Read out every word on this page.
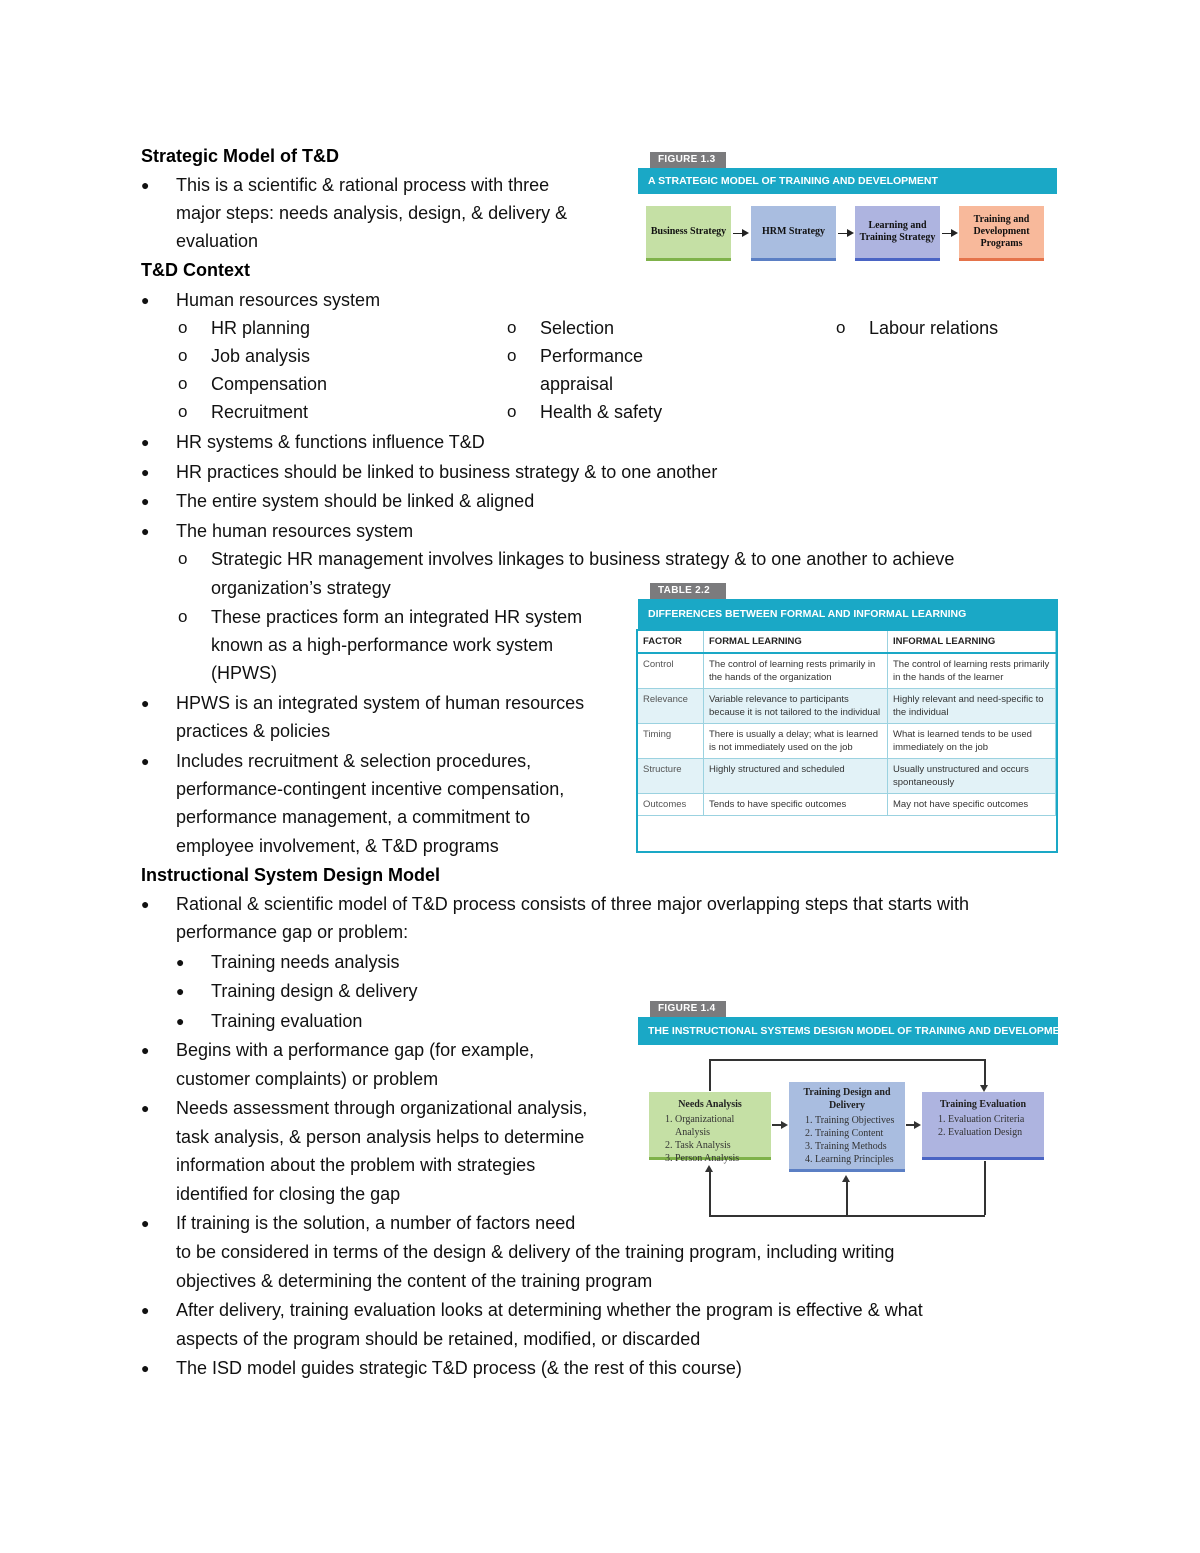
Strategic Model of T&D
● This is a scientific & rational process with three
major steps: needs analysis, design, & delivery &
evaluation
T&D Context
● Human resources system
o HR planning
o Job analysis
o Compensation
o Recruitment
o Selection
o Performance
appraisal
o Health & safety
o Labour relations
● HR systems & functions influence T&D
● HR practices should be linked to business strategy & to one another
● The entire system should be linked & aligned
● The human resources system
o Strategic HR management involves linkages to business strategy & to one another to achieve
organization’s strategy
o These practices form an integrated HR system
known as a high-performance work system
(HPWS)
● HPWS is an integrated system of human resources
practices & policies
● Includes recruitment & selection procedures,
performance-contingent incentive compensation,
performance management, a commitment to
employee involvement, & T&D programs
Instructional System Design Model
● Rational & scientific model of T&D process consists of three major overlapping steps that starts with
performance gap or problem:
● Training needs analysis
● Training design & delivery
● Training evaluation
● Begins with a performance gap (for example,
customer complaints) or problem
● Needs assessment through organizational analysis,
task analysis, & person analysis helps to determine
information about the problem with strategies
identified for closing the gap
● If training is the solution, a number of factors need
to be considered in terms of the design & delivery of the training program, including writing
objectives & determining the content of the training program
● After delivery, training evaluation looks at determining whether the program is effective & what
aspects of the program should be retained, modified, or discarded
● The ISD model guides strategic T&D process (& the rest of this course)
FIGURE 1.3
A STRATEGIC MODEL OF TRAINING AND DEVELOPMENT
Business Strategy	HRM Strategy
Learning and Training Strategy
Training and Development Programs
TABLE 2.2
DIFFERENCES BETWEEN FORMAL AND INFORMAL LEARNING
FACTOR	FORMAL LEARNING	INFORMAL LEARNING
Control	The control of learning rests primarily in the hands of the organization	The control of learning rests primarily in the hands of the learner
Relevance	Variable relevance to participants because it is not tailored to the individual	Highly relevant and need-specific to the individual
Timing	There is usually a delay; what is learned is not immediately used on the job	What is learned tends to be used immediately on the job
Structure	Highly structured and scheduled	Usually unstructured and occurs spontaneously
Outcomes	Tends to have specific outcomes	May not have specific outcomes
FIGURE 1.4
THE INSTRUCTIONAL SYSTEMS DESIGN MODEL OF TRAINING AND DEVELOPMENT
Needs Analysis
1. Organizational Analysis
2. Task Analysis
3. Person Analysis
Training Design and Delivery
1. Training Objectives
2. Training Content
3. Training Methods
4. Learning Principles
Training Evaluation
1. Evaluation Criteria
2. Evaluation Design
